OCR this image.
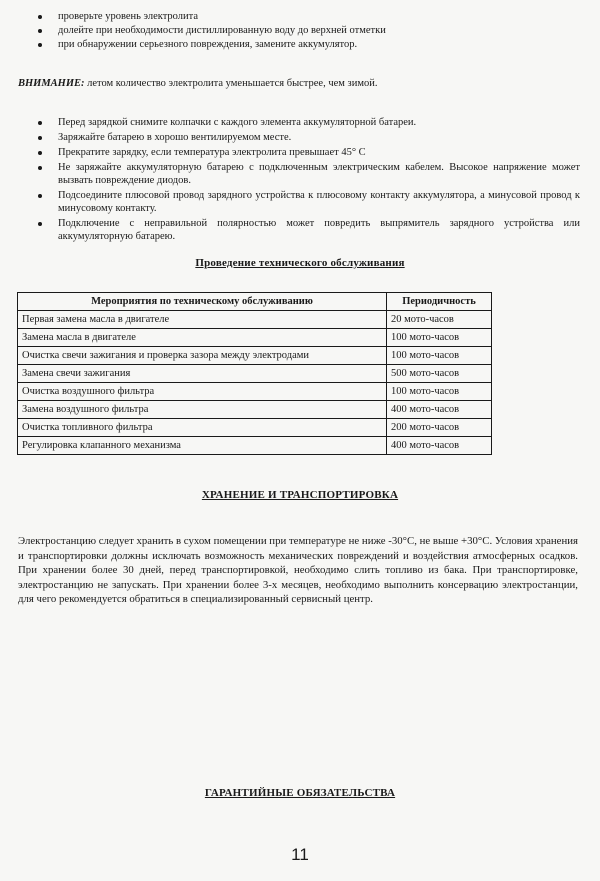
проверьте уровень электролита
долейте при необходимости дистиллированную воду до верхней отметки
при обнаружении серьезного повреждения, замените аккумулятор.
ВНИМАНИЕ: летом количество электролита уменьшается быстрее, чем зимой.
Перед зарядкой снимите колпачки с каждого элемента аккумуляторной батареи.
Заряжайте батарею в хорошо вентилируемом месте.
Прекратите зарядку, если температура электролита превышает 45° С
Не заряжайте аккумуляторную батарею с подключенным электрическим кабелем. Высокое напряжение может вызвать повреждение диодов.
Подсоедините плюсовой провод зарядного устройства к плюсовому контакту аккумулятора, а минусовой провод к минусовому контакту.
Подключение с неправильной полярностью может повредить выпрямитель зарядного устройства или аккумуляторную батарею.
Проведение технического обслуживания
Мероприятия по техническому обслуживанию	Периодичность
Первая замена масла в двигателе	20 мото-часов
Замена масла в двигателе	100 мото-часов
Очистка свечи зажигания и проверка зазора между электродами	100 мото-часов
Замена свечи зажигания	500 мото-часов
Очистка воздушного фильтра	100 мото-часов
Замена воздушного фильтра	400 мото-часов
Очистка топливного фильтра	200 мото-часов
Регулировка клапанного механизма	400 мото-часов
ХРАНЕНИЕ И ТРАНСПОРТИРОВКА
Электростанцию следует хранить в сухом помещении при температуре не ниже -30°С, не выше +30°С. Условия хранения и транспортировки должны исключать возможность механических повреждений и воздействия атмосферных осадков. При хранении более 30 дней, перед транспортировкой, необходимо слить топливо из бака. При транспортировке, электростанцию не запускать. При хранении более 3-х месяцев, необходимо выполнить консервацию электростанции, для чего рекомендуется обратиться в специализированный сервисный центр.
ГАРАНТИЙНЫЕ ОБЯЗАТЕЛЬСТВА
11
